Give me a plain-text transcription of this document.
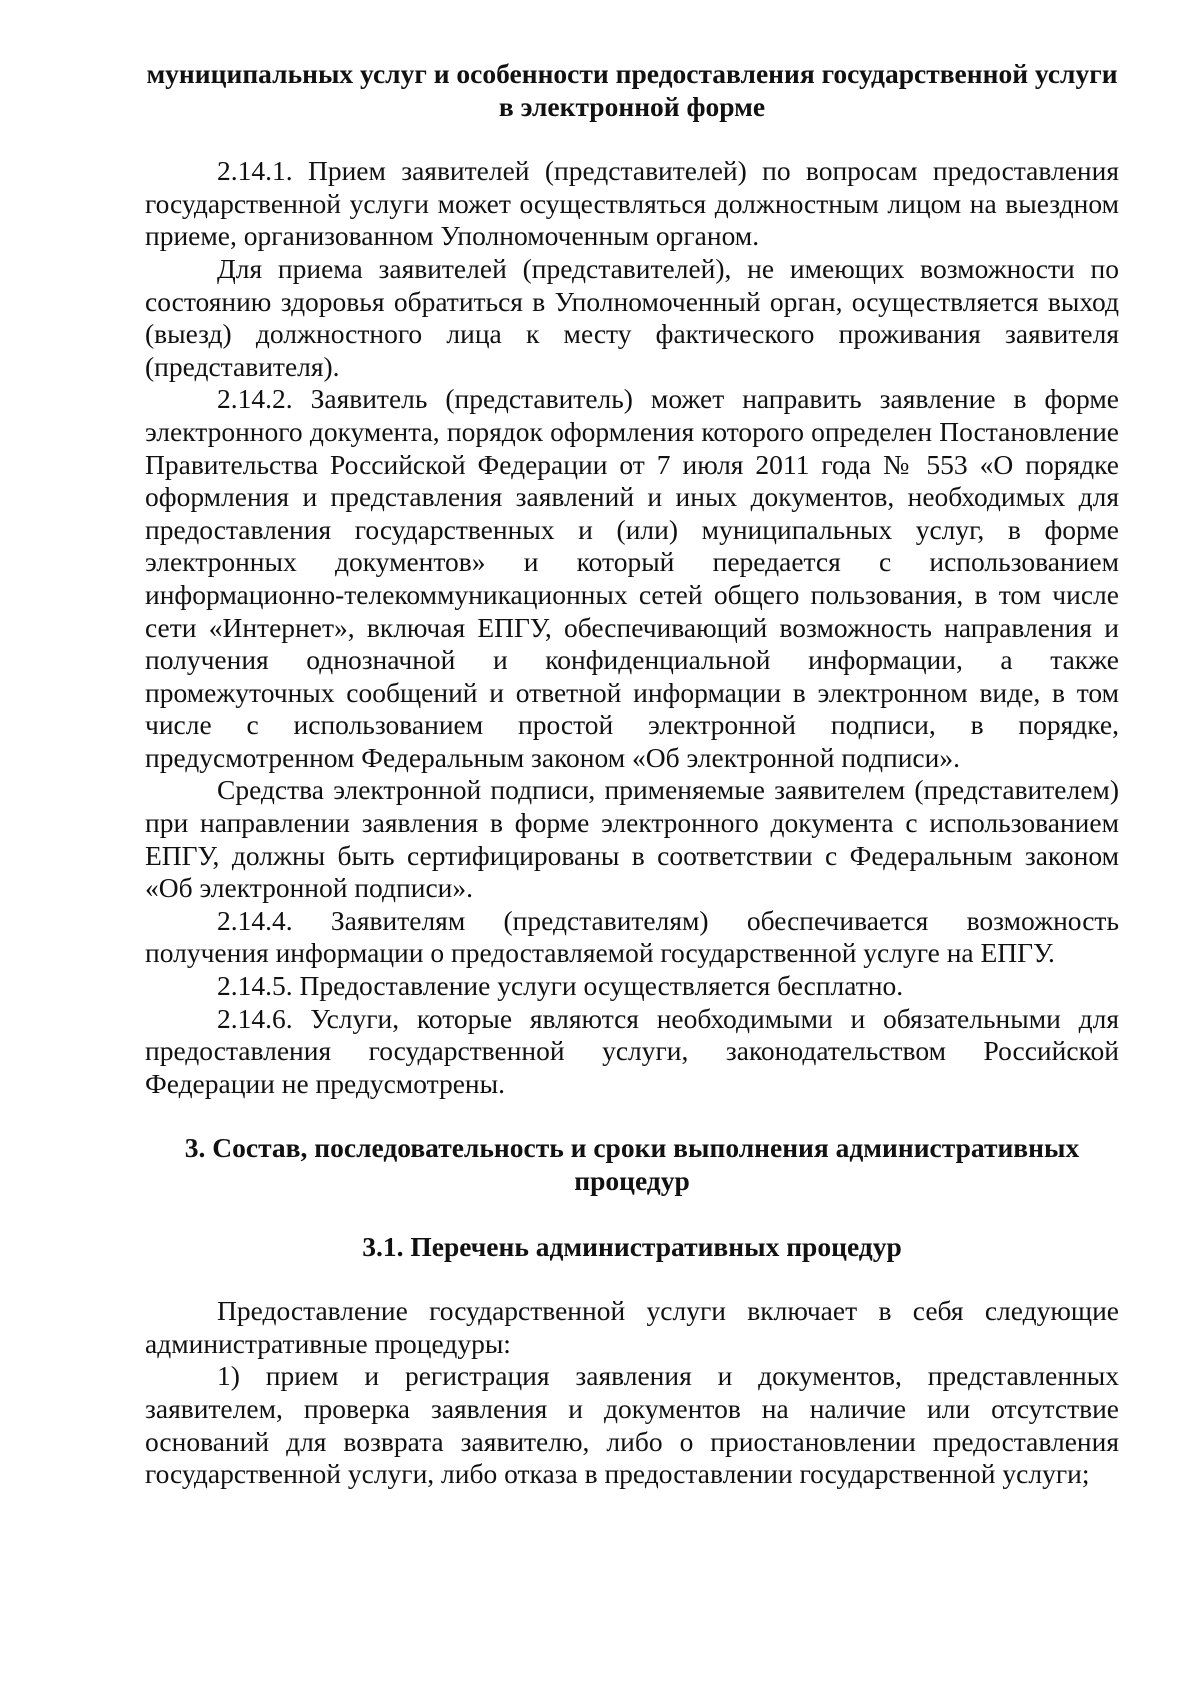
муниципальных услуг и особенности предоставления государственной услуги в электронной форме

2.14.1. Прием заявителей (представителей) по вопросам предоставления государственной услуги может осуществляться должностным лицом на выездном приеме, организованном Уполномоченным органом.

Для приема заявителей (представителей), не имеющих возможности по состоянию здоровья обратиться в Уполномоченный орган, осуществляется выход (выезд) должностного лица к месту фактического проживания заявителя (представителя).

2.14.2. Заявитель (представитель) может направить заявление в форме электронного документа, порядок оформления которого определен Постановление Правительства Российской Федерации от 7 июля 2011 года № 553 «О порядке оформления и представления заявлений и иных документов, необходимых для предоставления государственных и (или) муниципальных услуг, в форме электронных документов» и который передается с использованием информационно-телекоммуникационных сетей общего пользования, в том числе сети «Интернет», включая ЕПГУ, обеспечивающий возможность направления и получения однозначной и конфиденциальной информации, а также промежуточных сообщений и ответной информации в электронном виде, в том числе с использованием простой электронной подписи, в порядке, предусмотренном Федеральным законом «Об электронной подписи».

Средства электронной подписи, применяемые заявителем (представителем) при направлении заявления в форме электронного документа с использованием ЕПГУ, должны быть сертифицированы в соответствии с Федеральным законом «Об электронной подписи».

2.14.4. Заявителям (представителям) обеспечивается возможность получения информации о предоставляемой государственной услуге на ЕПГУ.

2.14.5. Предоставление услуги осуществляется бесплатно.

2.14.6. Услуги, которые являются необходимыми и обязательными для предоставления государственной услуги, законодательством Российской Федерации не предусмотрены.

3. Состав, последовательность и сроки выполнения административных процедур

3.1. Перечень административных процедур

Предоставление государственной услуги включает в себя следующие административные процедуры:

1) прием и регистрация заявления и документов, представленных заявителем, проверка заявления и документов на наличие или отсутствие оснований для возврата заявителю, либо о приостановлении предоставления государственной услуги, либо отказа в предоставлении государственной услуги;
